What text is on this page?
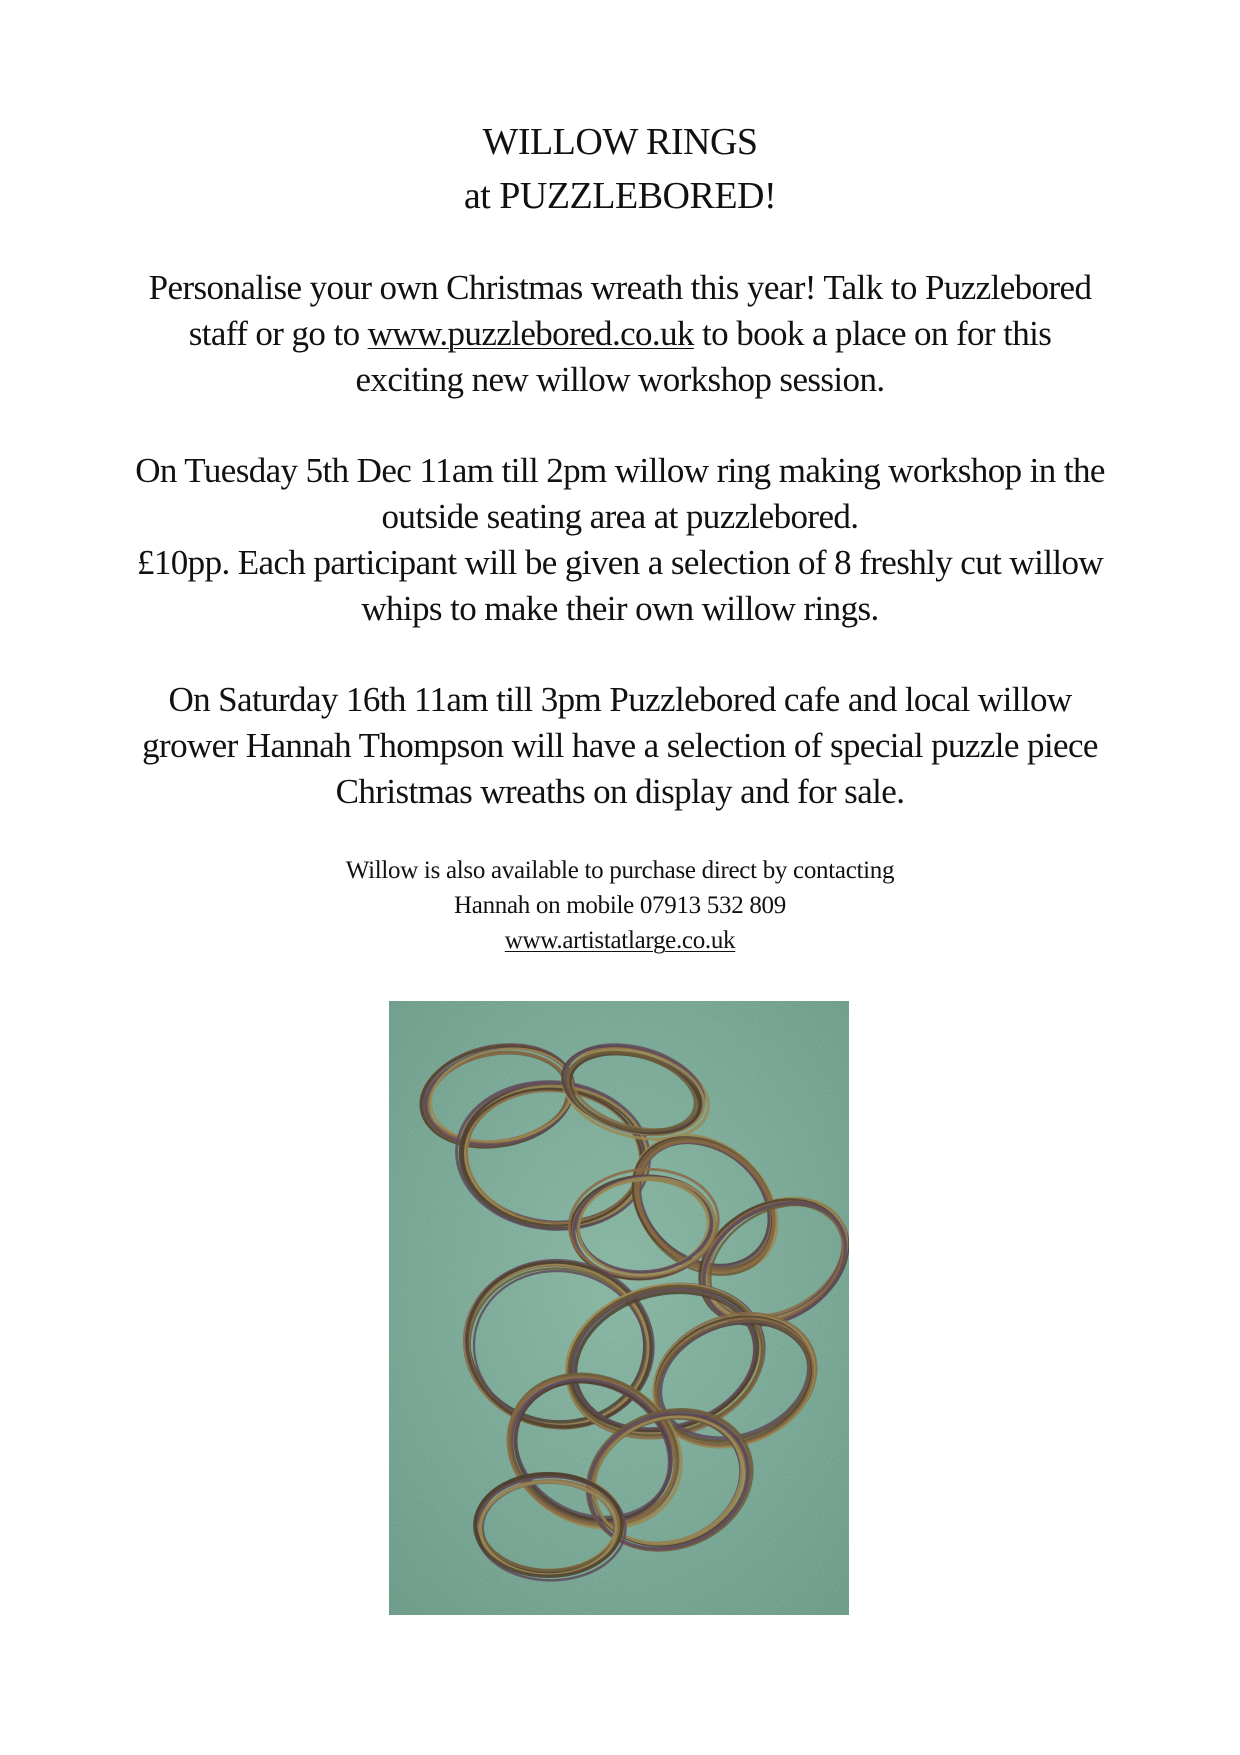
WILLOW RINGS
at PUZZLEBORED!
Personalise your own Christmas wreath this year! Talk to Puzzlebored
staff or go to www.puzzlebored.co.uk to book a place on for this
exciting new willow workshop session.
On Tuesday 5th Dec 11am till 2pm willow ring making workshop in the
outside seating area at puzzlebored.
£10pp. Each participant will be given a selection of 8 freshly cut willow
whips to make their own willow rings.
On Saturday 16th 11am till 3pm Puzzlebored cafe and local willow
grower Hannah Thompson will have a selection of special puzzle piece
Christmas wreaths on display and for sale.
Willow is also available to purchase direct by contacting
Hannah on mobile 07913 532 809
www.artistatlarge.co.uk
